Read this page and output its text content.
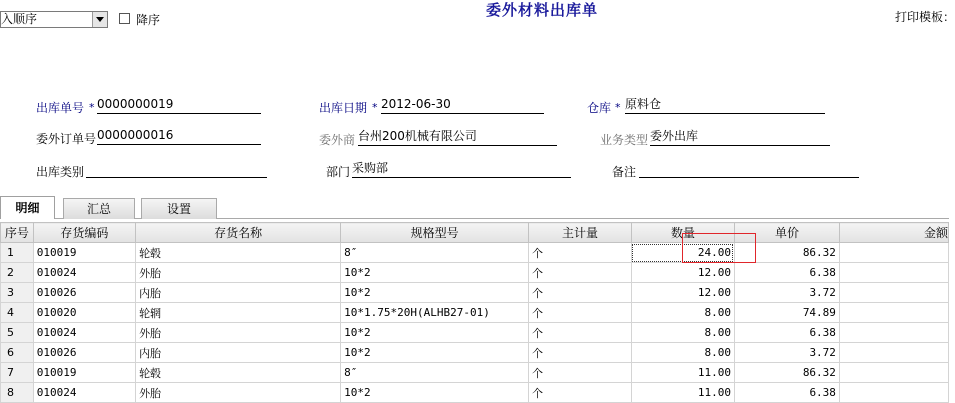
入顺序	降序
委外材料出库单	打印模板：
出库单号 * 0000000019	出库日期 * 2012-06-30	仓库 * 原料仓
委外订单号 0000000016	委外商 台州200机械有限公司	业务类型 委外出库
出库类别	部门 采购部	备注
明细	汇总	设置
序号	存货编码	存货名称	规格型号	主计量	数量	单价	金额
1	010019	轮毂	8″	个	24.00	86.32	
2	010024	外胎	10*2	个	12.00	6.38	
3	010026	内胎	10*2	个	12.00	3.72	
4	010020	轮辋	10*1.75*20H(ALHB27-01)	个	8.00	74.89	
5	010024	外胎	10*2	个	8.00	6.38	
6	010026	内胎	10*2	个	8.00	3.72	
7	010019	轮毂	8″	个	11.00	86.32	
8	010024	外胎	10*2	个	11.00	6.38	
